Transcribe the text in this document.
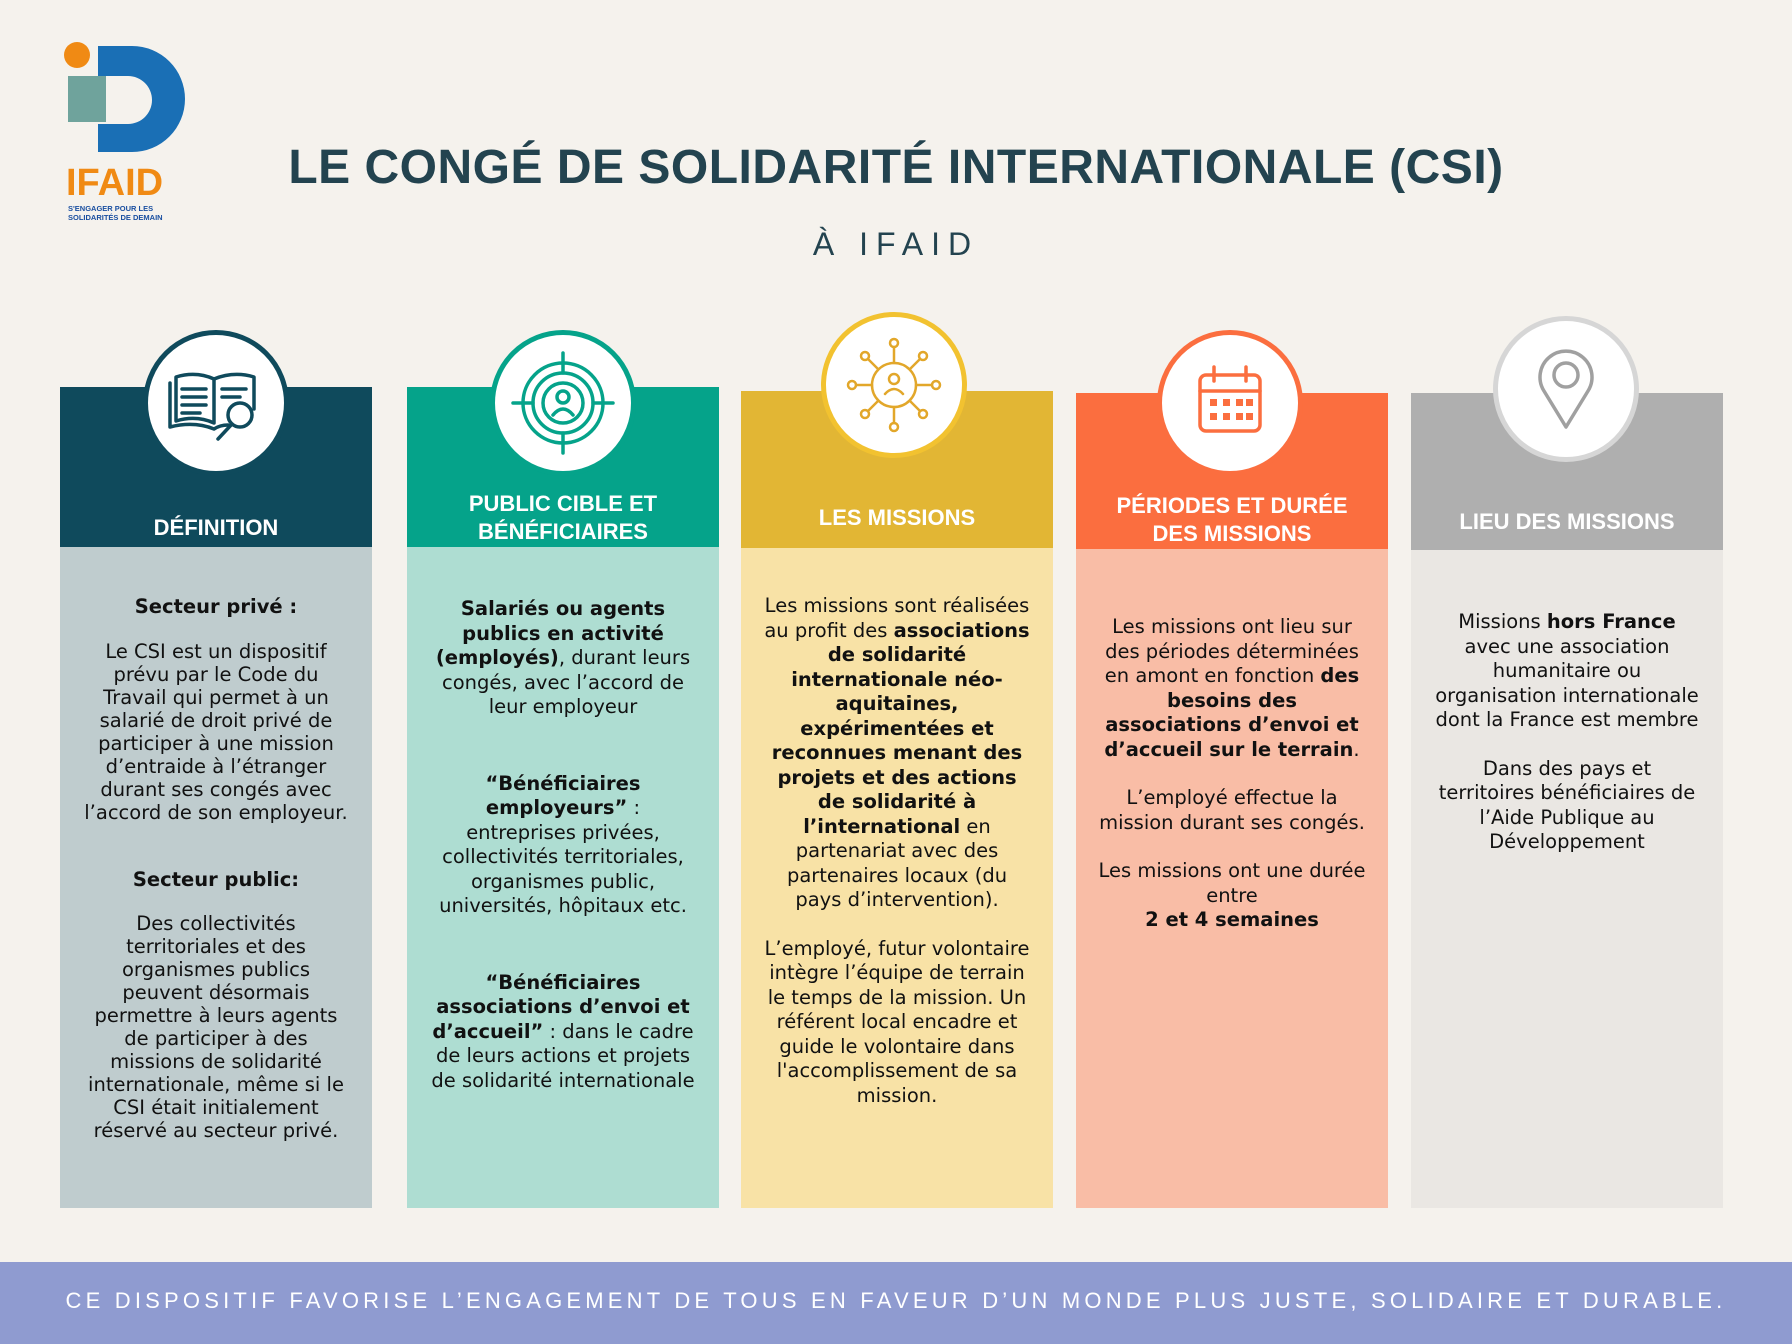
IFAID
S'ENGAGER POUR LES SOLIDARITÉS DE DEMAIN
LE CONGÉ DE SOLIDARITÉ INTERNATIONALE (CSI)
À IFAID
DÉFINITION

Secteur privé :

Le CSI est un dispositif prévu par le Code du Travail qui permet à un salarié de droit privé de participer à une mission d’entraide à l’étranger durant ses congés avec l’accord de son employeur.

Secteur public:

Des collectivités territoriales et des organismes publics peuvent désormais permettre à leurs agents de participer à des missions de solidarité internationale, même si le CSI était initialement réservé au secteur privé.

PUBLIC CIBLE ET
BÉNÉFICIAIRES

Salariés ou agents publics en activité (employés), durant leurs congés, avec l’accord de leur employeur

“Bénéficiaires employeurs” : entreprises privées, collectivités territoriales, organismes public, universités, hôpitaux etc.

“Bénéficiaires associations d’envoi et d’accueil” : dans le cadre de leurs actions et projets de solidarité internationale

LES MISSIONS

Les missions sont réalisées au profit des associations de solidarité internationale néo-aquitaines, expérimentées et reconnues menant des projets et des actions de solidarité à l’international en partenariat avec des partenaires locaux (du pays d’intervention).

L’employé, futur volontaire intègre l’équipe de terrain le temps de la mission. Un référent local encadre et guide le volontaire dans l'accomplissement de sa mission.

PÉRIODES ET DURÉE
DES MISSIONS

Les missions ont lieu sur des périodes déterminées en amont en fonction des besoins des associations d’envoi et d’accueil sur le terrain.

L’employé effectue la mission durant ses congés.

Les missions ont une durée entre
2 et 4 semaines

LIEU DES MISSIONS

Missions hors France avec une association humanitaire ou organisation internationale dont la France est membre

Dans des pays et territoires bénéficiaires de l’Aide Publique au Développement

CE DISPOSITIF FAVORISE L’ENGAGEMENT DE TOUS EN FAVEUR D’UN MONDE PLUS JUSTE, SOLIDAIRE ET DURABLE.
